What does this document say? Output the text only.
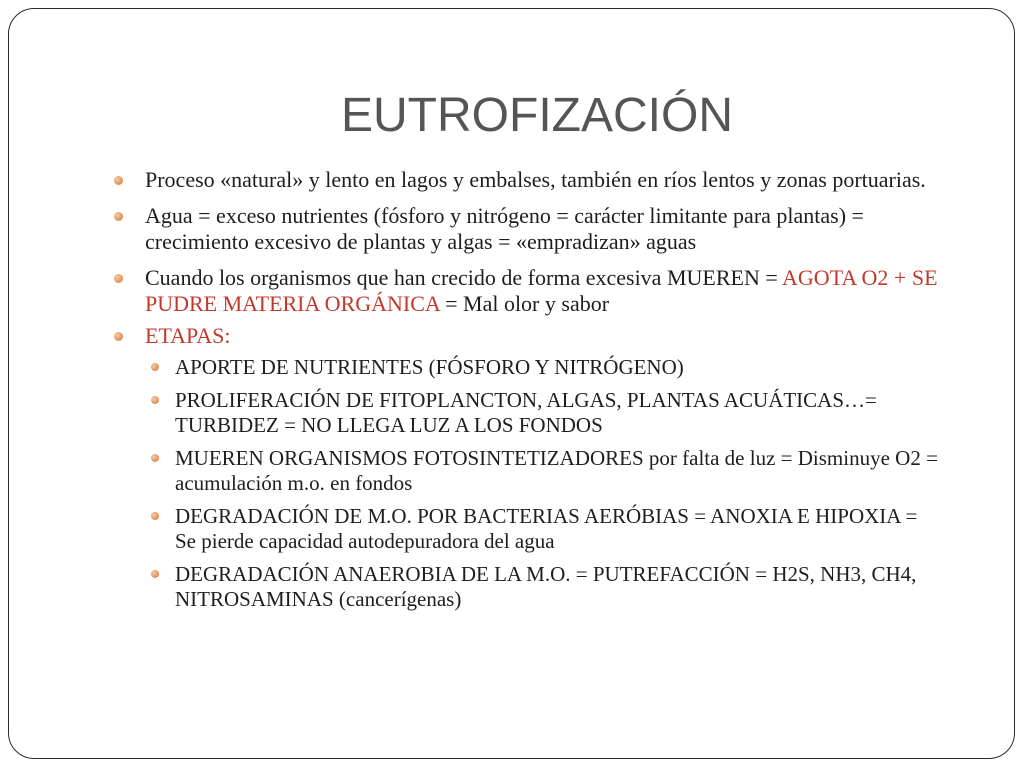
EUTROFIZACIÓN
Proceso «natural» y lento en lagos y embalses, también en ríos lentos y zonas portuarias.
Agua = exceso nutrientes (fósforo y nitrógeno = carácter limitante para plantas) = crecimiento excesivo de plantas y algas = «empradizan» aguas
Cuando los organismos que han crecido de forma excesiva MUEREN = AGOTA O2 + SE PUDRE MATERIA ORGÁNICA = Mal olor y sabor
ETAPAS:
APORTE DE NUTRIENTES (FÓSFORO Y NITRÓGENO)
PROLIFERACIÓN DE FITOPLANCTON, ALGAS, PLANTAS ACUÁTICAS…= TURBIDEZ = NO LLEGA LUZ A LOS FONDOS
MUEREN ORGANISMOS FOTOSINTETIZADORES por falta de luz = Disminuye O2 = acumulación m.o. en fondos
DEGRADACIÓN DE M.O. POR BACTERIAS AERÓBIAS = ANOXIA E HIPOXIA = Se pierde capacidad autodepuradora del agua
DEGRADACIÓN ANAEROBIA DE LA M.O. = PUTREFACCIÓN = H2S, NH3, CH4, NITROSAMINAS (cancerígenas)
